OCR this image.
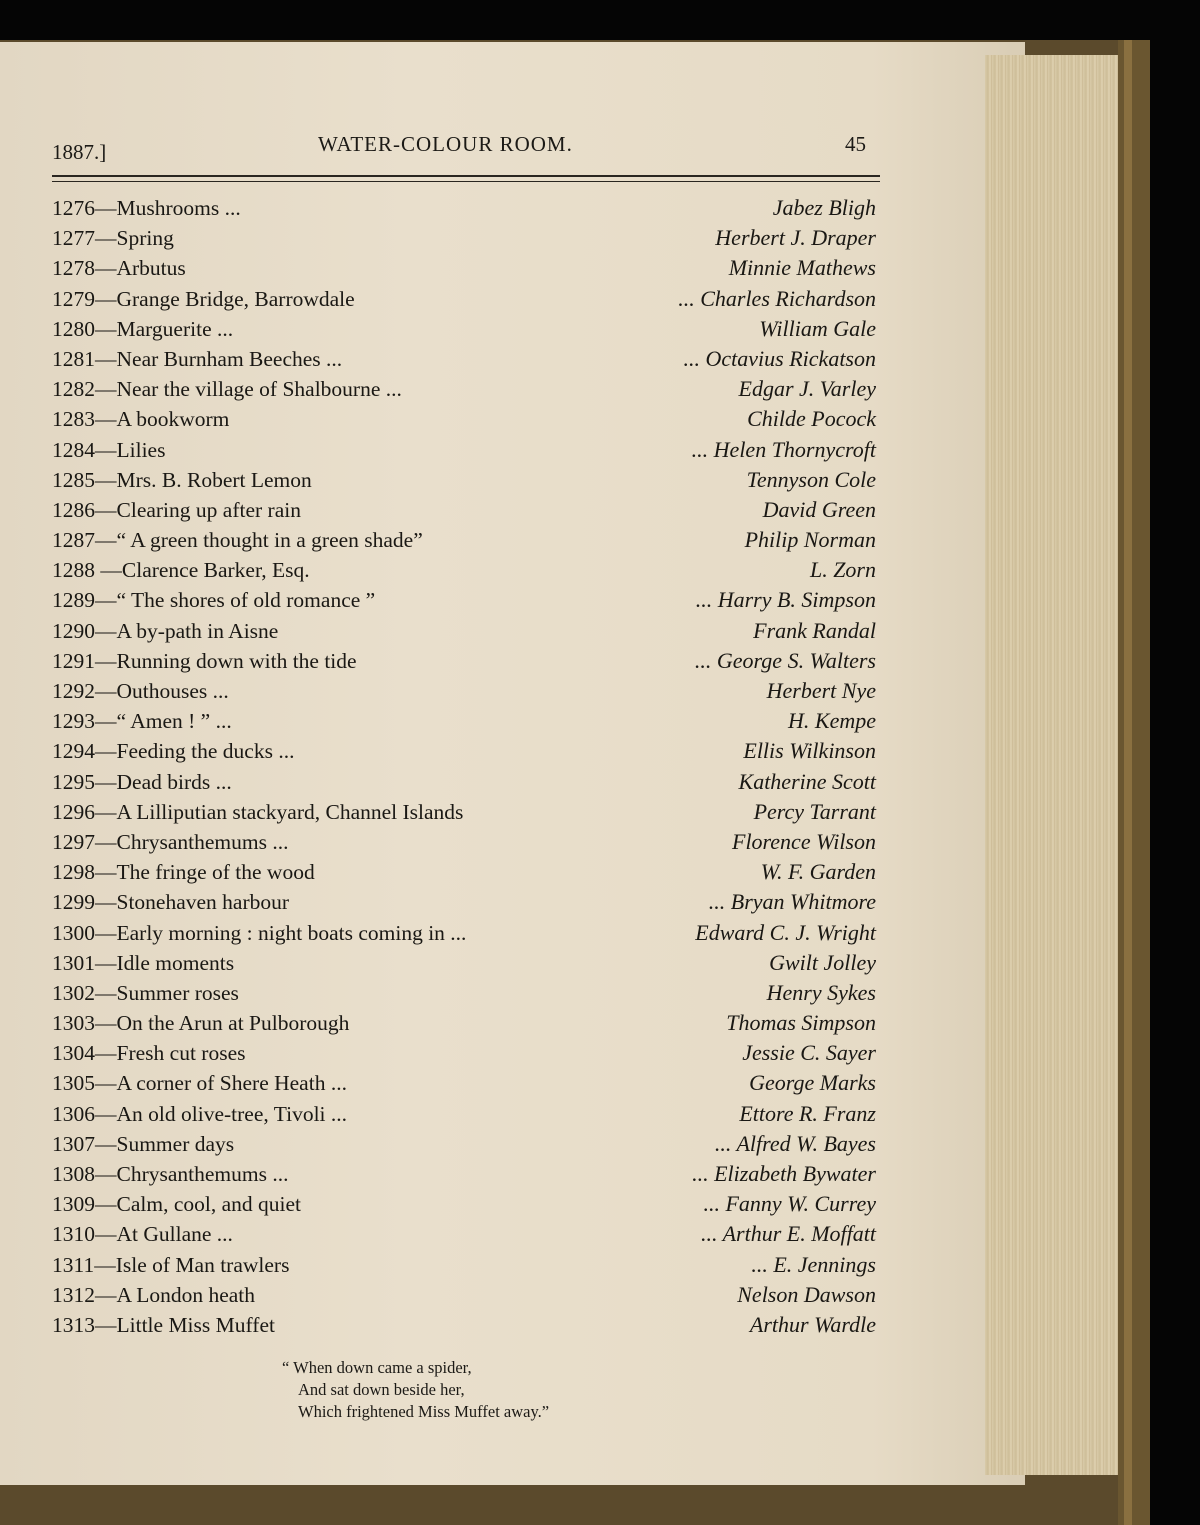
1887.]	WATER-COLOUR ROOM.	45
1276—Mushrooms ...	Jabez Bligh
1277—Spring	Herbert J. Draper
1278—Arbutus	Minnie Mathews
1279—Grange Bridge, Barrowdale	... Charles Richardson
1280—Marguerite ...	William Gale
1281—Near Burnham Beeches ...	... Octavius Rickatson
1282—Near the village of Shalbourne ...	Edgar J. Varley
1283—A bookworm	Childe Pocock
1284—Lilies	... Helen Thornycroft
1285—Mrs. B. Robert Lemon	Tennyson Cole
1286—Clearing up after rain	David Green
1287—“ A green thought in a green shade”	Philip Norman
1288 —Clarence Barker, Esq.	L. Zorn
1289—“ The shores of old romance ”	... Harry B. Simpson
1290—A by-path in Aisne	Frank Randal
1291—Running down with the tide	... George S. Walters
1292—Outhouses ...	Herbert Nye
1293—“ Amen ! ” ...	H. Kempe
1294—Feeding the ducks ...	Ellis Wilkinson
1295—Dead birds ...	Katherine Scott
1296—A Lilliputian stackyard, Channel Islands	Percy Tarrant
1297—Chrysanthemums ...	Florence Wilson
1298—The fringe of the wood	W. F. Garden
1299—Stonehaven harbour	... Bryan Whitmore
1300—Early morning : night boats coming in ...	Edward C. J. Wright
1301—Idle moments	Gwilt Jolley
1302—Summer roses	Henry Sykes
1303—On the Arun at Pulborough	Thomas Simpson
1304—Fresh cut roses	Jessie C. Sayer
1305—A corner of Shere Heath ...	George Marks
1306—An old olive-tree, Tivoli ...	Ettore R. Franz
1307—Summer days	... Alfred W. Bayes
1308—Chrysanthemums ...	... Elizabeth Bywater
1309—Calm, cool, and quiet	... Fanny W. Currey
1310—At Gullane ...	... Arthur E. Moffatt
1311—Isle of Man trawlers	... E. Jennings
1312—A London heath	Nelson Dawson
1313—Little Miss Muffet	Arthur Wardle
“ When down came a spider,
And sat down beside her,
Which frightened Miss Muffet away.”
